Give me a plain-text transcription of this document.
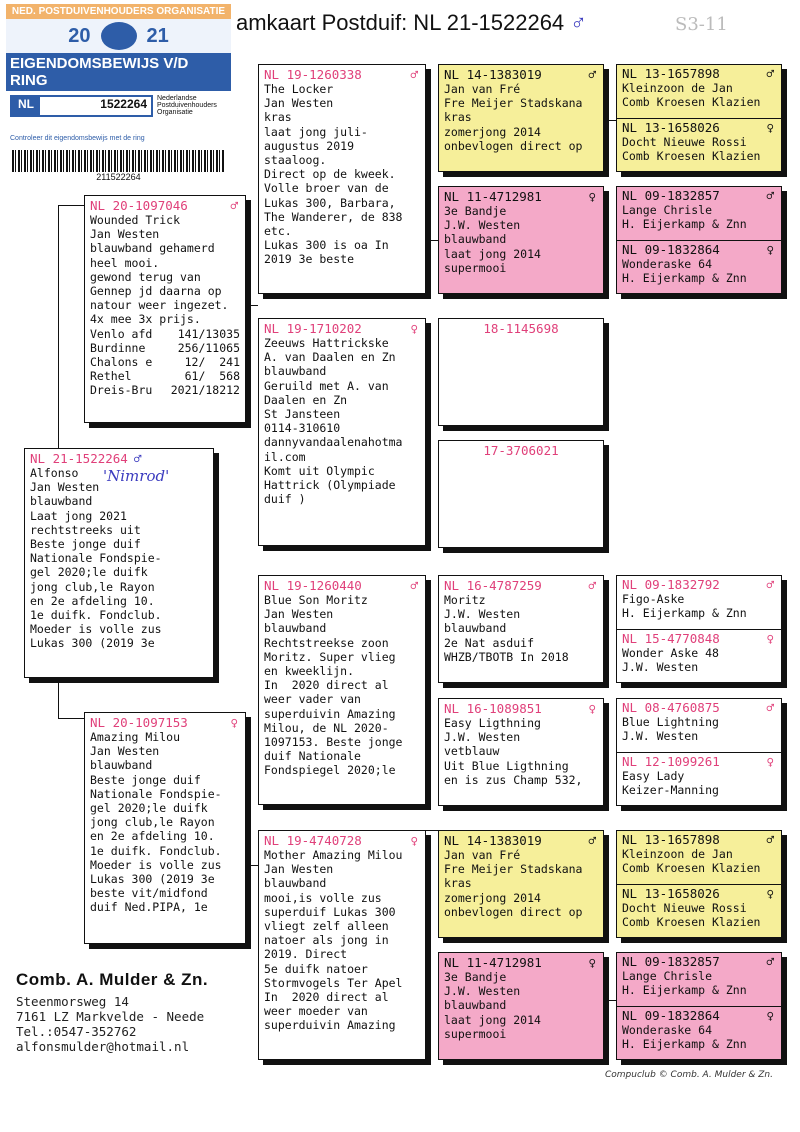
NED. POSTDUIVENHOUDERS ORGANISATIE
20	21
EIGENDOMSBEWIJS V/D RING
NL	1522264
Controleer dit eigendomsbewijs met de ring
Nederlandse
Postduivenhouders
Organisatie
211522264
amkaart Postduif: NL 21-1522264 ♂	S3-11
NL 21-1522264 ♂
'Nimrod'
Alfonso
Jan Westen
blauwband
Laat jong 2021
rechtstreeks uit
Beste jonge duif
Nationale Fondspie-
gel 2020;le duifk
jong club,le Rayon
en 2e afdeling 10.
1e duifk. Fondclub.
Moeder is volle zus
Lukas 300 (2019 3e
NL 20-1097046	♂
Wounded Trick
Jan Westen
blauwband gehamerd
heel mooi.
gewond terug van
Gennep jd daarna op
natour weer ingezet.
4x mee 3x prijs.
Venlo afd 141/13035
Burdinne	256/11065
Chalons e 12/  241
Rethel	61/  568
Dreis-Bru 2021/18212
NL 20-1097153	♀
Amazing Milou
Jan Westen
blauwband
Beste jonge duif
Nationale Fondspie-
gel 2020;le duifk
jong club,le Rayon
en 2e afdeling 10.
1e duifk. Fondclub.
Moeder is volle zus
Lukas 300 (2019 3e
beste vit/midfond
duif Ned.PIPA, 1e
NL 19-1260338	♂
The Locker
Jan Westen
kras
laat jong juli-
augustus 2019
staaloog.
Direct op de kweek.
Volle broer van de
Lukas 300, Barbara,
The Wanderer, de 838
etc.
Lukas 300 is oa In
2019 3e beste
NL 19-1710202	♀
Zeeuws Hattrickske
A. van Daalen en Zn
blauwband
Geruild met A. van
Daalen en Zn
St Jansteen
0114-310610
dannyvandaalenahotma
il.com
Komt uit Olympic
Hattrick (Olympiade
duif )
NL 19-1260440	♂
Blue Son Moritz
Jan Westen
blauwband
Rechtstreekse zoon
Moritz. Super vlieg
en kweeklijn.
In  2020 direct al
weer vader van
superduivin Amazing
Milou, de NL 2020-
1097153. Beste jonge
duif Nationale
Fondspiegel 2020;le
NL 19-4740728	♀
Mother Amazing Milou
Jan Westen
blauwband
mooi,is volle zus
superduif Lukas 300
vliegt zelf alleen
natoer als jong in
2019. Direct
5e duifk natoer
Stormvogels Ter Apel
In  2020 direct al
weer moeder van
superduivin Amazing
NL 14-1383019	♂
Jan van Fré
Fre Meijer Stadskana
kras
zomerjong 2014
onbevlogen direct op
NL 11-4712981	♀
3e Bandje
J.W. Westen
blauwband
laat jong 2014
supermooi
18-1145698
17-3706021
NL 16-4787259	♂
Moritz
J.W. Westen
blauwband
2e Nat asduif
WHZB/TBOTB In 2018
NL 16-1089851	♀
Easy Ligthning
J.W. Westen
vetblauw
Uit Blue Ligthning
en is zus Champ 532,
NL 14-1383019	♂
Jan van Fré
Fre Meijer Stadskana
kras
zomerjong 2014
onbevlogen direct op
NL 11-4712981	♀
3e Bandje
J.W. Westen
blauwband
laat jong 2014
supermooi
NL 13-1657898	♂
Kleinzoon de Jan
Comb Kroesen Klazien
NL 13-1658026	♀
Docht Nieuwe Rossi
Comb Kroesen Klazien
NL 09-1832857	♂
Lange Chrisle
H. Eijerkamp & Znn
NL 09-1832864	♀
Wonderaske 64
H. Eijerkamp & Znn
NL 09-1832792	♂
Figo-Aske
H. Eijerkamp & Znn
NL 15-4770848	♀
Wonder Aske 48
J.W. Westen
NL 08-4760875	♂
Blue Lightning
J.W. Westen
NL 12-1099261	♀
Easy Lady
Keizer-Manning
NL 13-1657898	♂
Kleinzoon de Jan
Comb Kroesen Klazien
NL 13-1658026	♀
Docht Nieuwe Rossi
Comb Kroesen Klazien
NL 09-1832857	♂
Lange Chrisle
H. Eijerkamp & Znn
NL 09-1832864	♀
Wonderaske 64
H. Eijerkamp & Znn
Comb. A. Mulder & Zn.
Steenmorsweg 14
7161 LZ Markvelde - Neede
Tel.:0547-352762
alfonsmulder@hotmail.nl
Compuclub © Comb. A. Mulder & Zn.
